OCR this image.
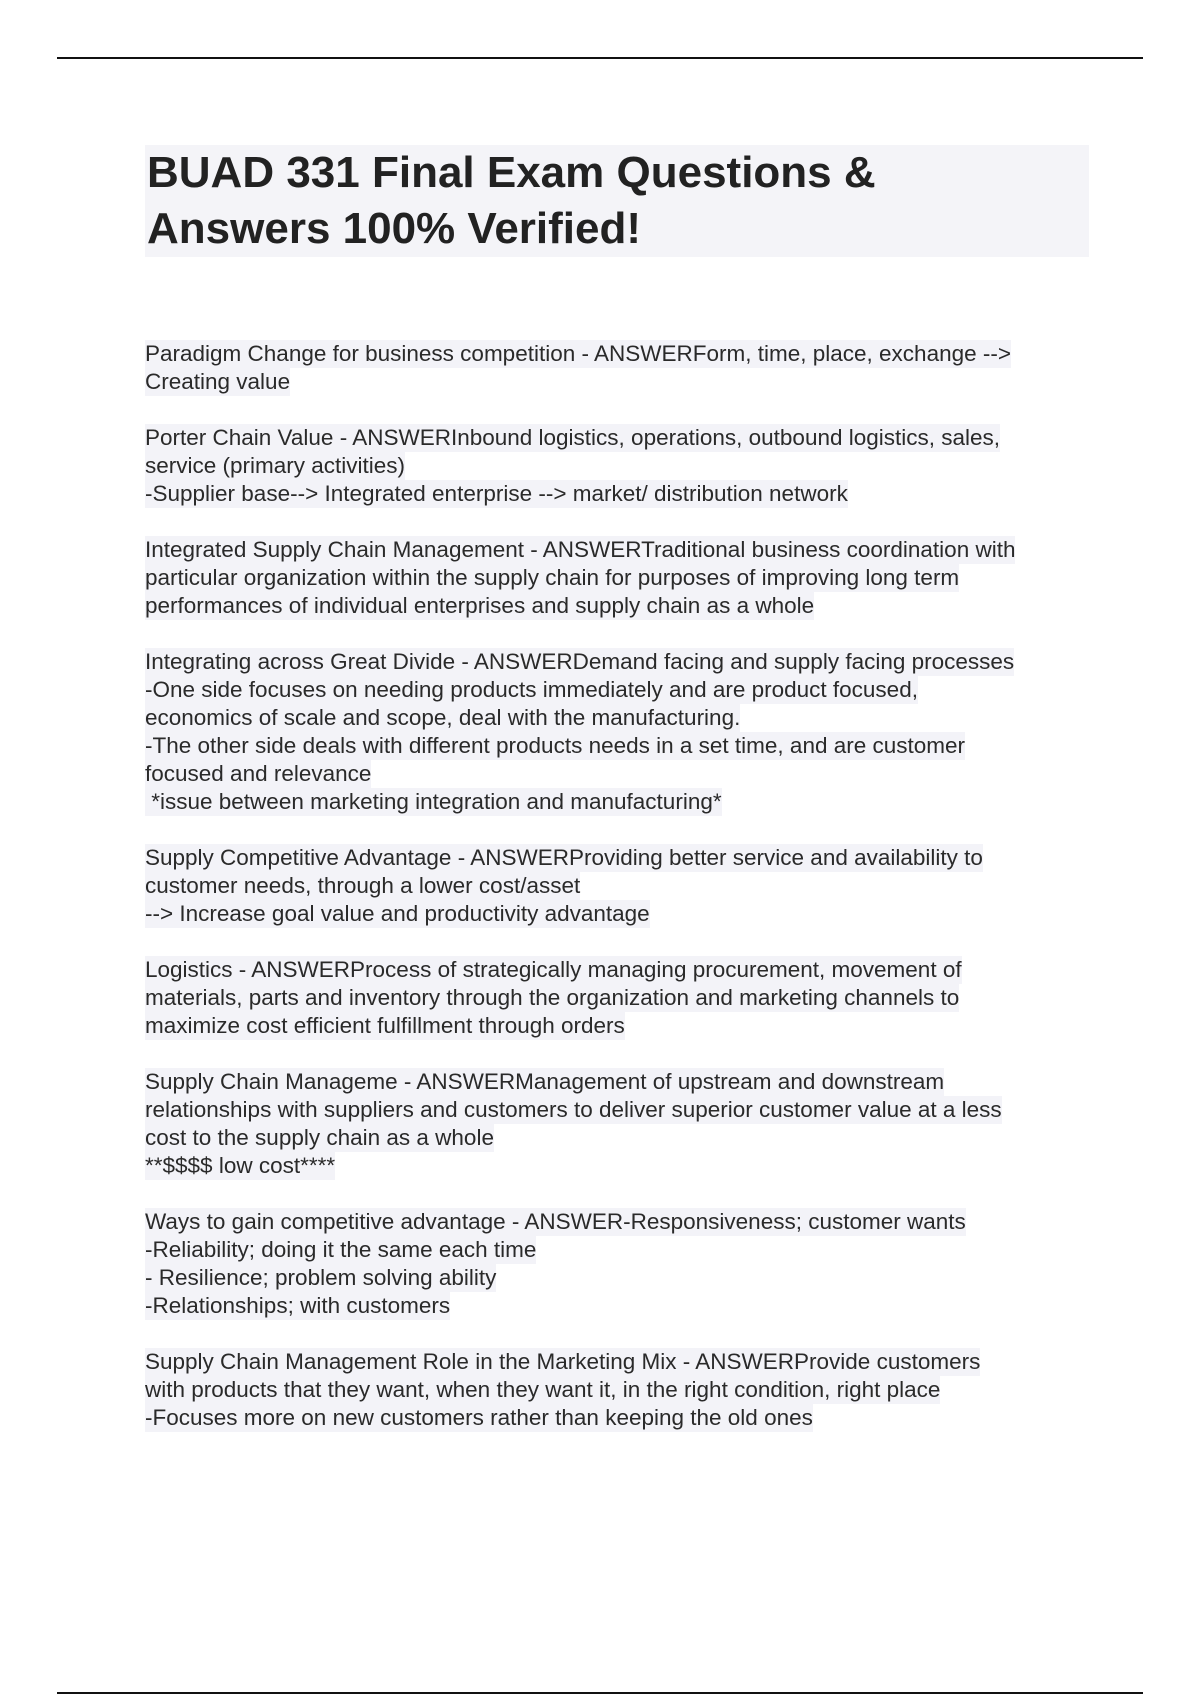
BUAD 331 Final Exam Questions &
Answers 100% Verified!
Paradigm Change for business competition - ANSWERForm, time, place, exchange -->
Creating value
Porter Chain Value - ANSWERInbound logistics, operations, outbound logistics, sales,
service (primary activities)
-Supplier base--> Integrated enterprise --> market/ distribution network
Integrated Supply Chain Management - ANSWERTraditional business coordination with
particular organization within the supply chain for purposes of improving long term
performances of individual enterprises and supply chain as a whole
Integrating across Great Divide - ANSWERDemand facing and supply facing processes
-One side focuses on needing products immediately and are product focused,
economics of scale and scope, deal with the manufacturing.
-The other side deals with different products needs in a set time, and are customer
focused and relevance
*issue between marketing integration and manufacturing*
Supply Competitive Advantage - ANSWERProviding better service and availability to
customer needs, through a lower cost/asset
--> Increase goal value and productivity advantage
Logistics - ANSWERProcess of strategically managing procurement, movement of
materials, parts and inventory through the organization and marketing channels to
maximize cost efficient fulfillment through orders
Supply Chain Manageme - ANSWERManagement of upstream and downstream
relationships with suppliers and customers to deliver superior customer value at a less
cost to the supply chain as a whole
**$$$$ low cost****
Ways to gain competitive advantage - ANSWER-Responsiveness; customer wants
-Reliability; doing it the same each time
- Resilience; problem solving ability
-Relationships; with customers
Supply Chain Management Role in the Marketing Mix - ANSWERProvide customers
with products that they want, when they want it, in the right condition, right place
-Focuses more on new customers rather than keeping the old ones
